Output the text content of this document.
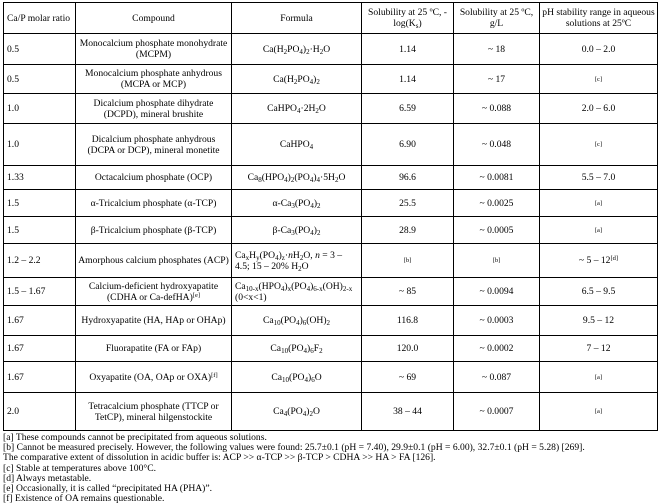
Ca/P molar ratio	Compound	Formula	Solubility at 25 ºC, $-\log(K_s)$	Solubility at 25 ºC, g/L	pH stability range in aqueous solutions at 25ºC
0.5	Monocalcium phosphate monohydrate (MCPM)	$Ca(H_2PO_4)_2\cdot H_2O$	1.14	~ 18	0.0 – 2.0
0.5	Monocalcium phosphate anhydrous (MCPA or MCP)	$Ca(H_2PO_4)_2$	1.14	~ 17	[c]
1.0	Dicalcium phosphate dihydrate (DCPD), mineral brushite	$CaHPO_4\cdot 2H_2O$	6.59	~ 0.088	2.0 – 6.0
1.0	Dicalcium phosphate anhydrous (DCPA or DCP), mineral monetite	CaHPO$_4$	6.90	~ 0.048	[c]
1.33	Octacalcium phosphate (OCP)	$Ca_8(HPO_4)_2(PO_4)_4\cdot 5H_2O$	96.6	~ 0.0081	5.5 – 7.0
1.5	α-Tricalcium phosphate (α-TCP)	$\alpha-Ca_3(PO_4)_2$	25.5	~ 0.0025	[a]
1.5	β-Tricalcium phosphate (β-TCP)	$\beta-Ca_3(PO_4)_2$	28.9	~ 0.0005	[a]
1.2 – 2.2	Amorphous calcium phosphates (ACP)	$Ca_xH_y(PO_4)_z\cdot nH_2O$, n = 3 – 4.5; 15 – 20% $H_2O$	[b]	[b]	~ 5 – 12[d]
1.5 – 1.67	Calcium-deficient hydroxyapatite (CDHA or Ca-defHA)[e]	$Ca_{10-x}(HPO_4)_x(PO_4)_{6-x}(OH)_{2-x}$ (0<x<1)	~ 85	~ 0.0094	6.5 – 9.5
1.67	Hydroxyapatite (HA, HAp or OHAp)	$Ca_{10}(PO_4)_6(OH)_2$	116.8	~ 0.0003	9.5 – 12
1.67	Fluorapatite (FA or FAp)	$Ca_{10}(PO_4)_6F_2$	120.0	~ 0.0002	7 – 12
1.67	Oxyapatite (OA, OAp or OXA)[f]	$Ca_{10}(PO_4)_6O$	~ 69	~ 0.087	[a]
2.0	Tetracalcium phosphate (TTCP or TetCP), mineral hilgenstockite	$Ca_4(PO_4)_2O$	38 – 44	~ 0.0007	[a]
[a] These compounds cannot be precipitated from aqueous solutions.
[b] Cannot be measured precisely. However, the following values were found: 25.7±0.1 (pH = 7.40), 29.9±0.1 (pH = 6.00), 32.7±0.1 (pH = 5.28) [269].
The comparative extent of dissolution in acidic buffer is: ACP >> α-TCP >> β-TCP > CDHA >> HA > FA [126].
[c] Stable at temperatures above 100°C.
[d] Always metastable.
[e] Occasionally, it is called “precipitated HA (PHA)”.
[f] Existence of OA remains questionable.
